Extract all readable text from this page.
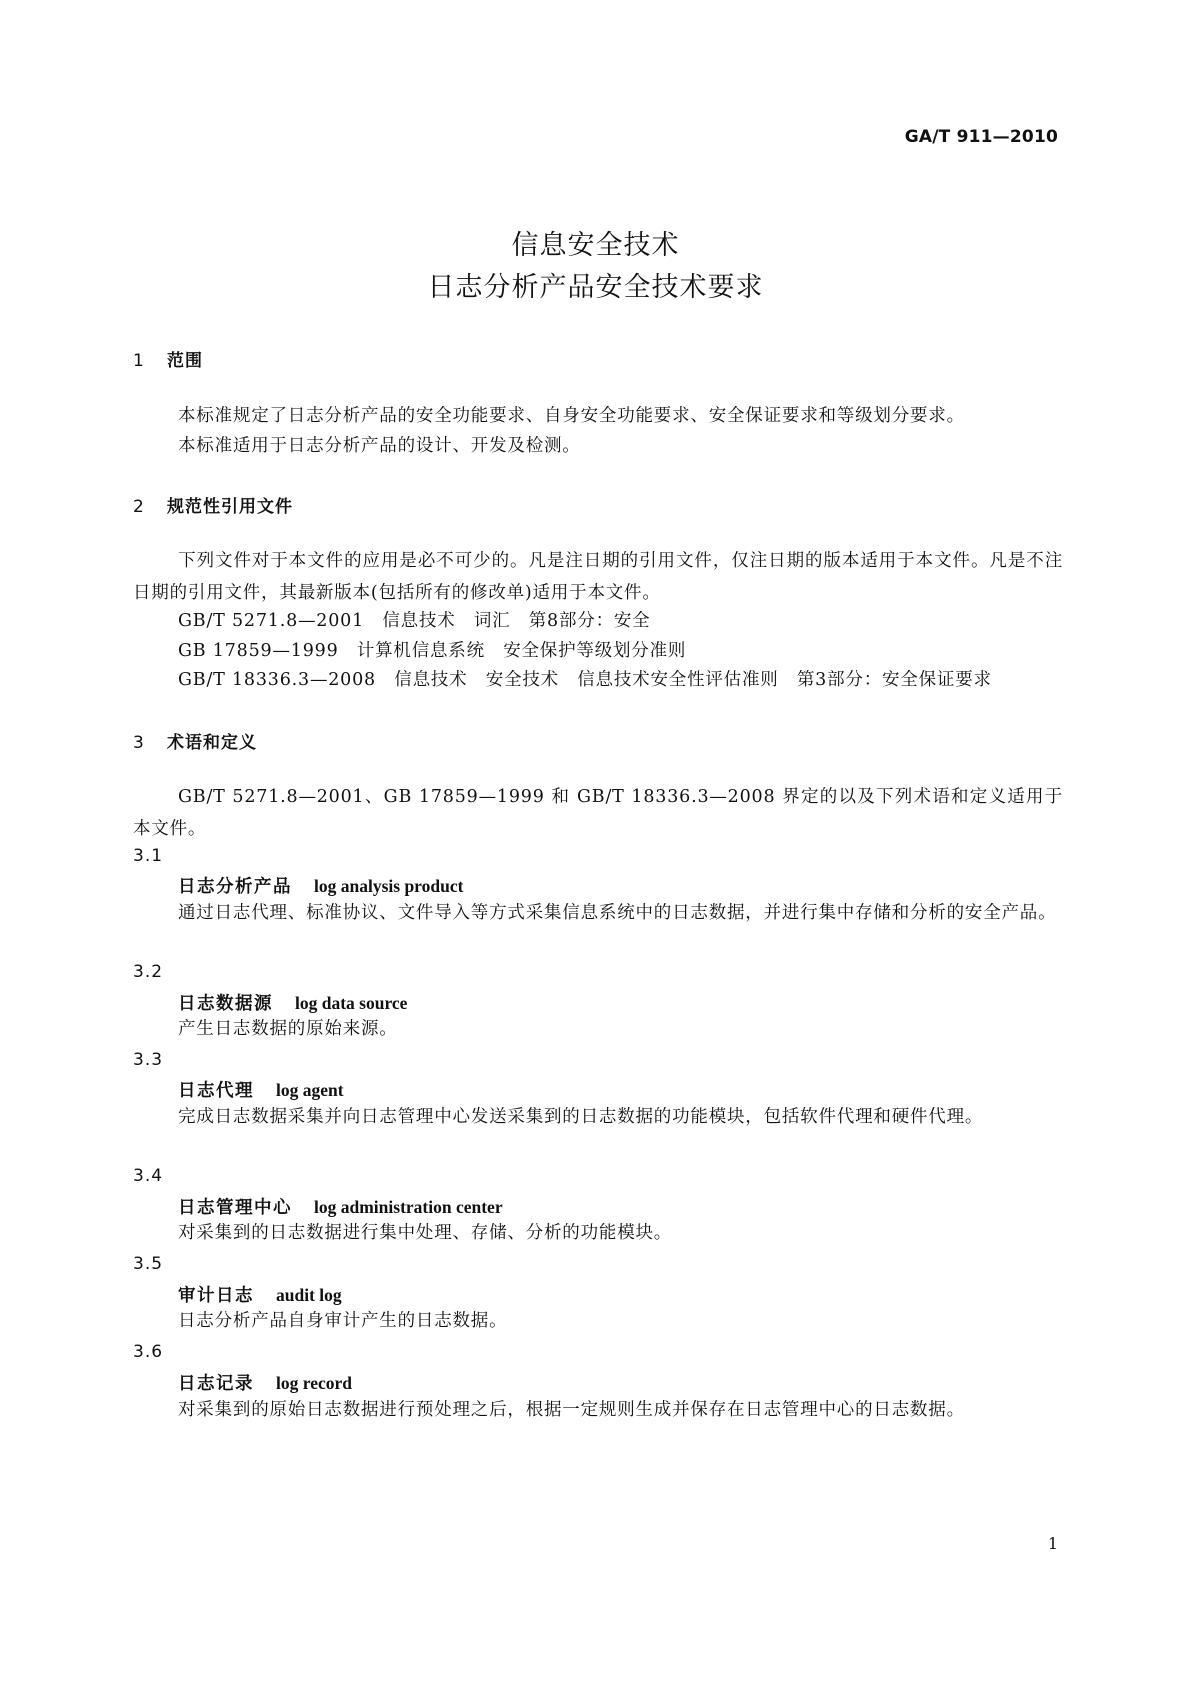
GA/T 911—2010
信息安全技术
日志分析产品安全技术要求
1 范围
本标准规定了日志分析产品的安全功能要求、自身安全功能要求、安全保证要求和等级划分要求。
本标准适用于日志分析产品的设计、开发及检测。
2 规范性引用文件
下列文件对于本文件的应用是必不可少的。凡是注日期的引用文件，仅注日期的版本适用于本文件。凡是不注日期的引用文件，其最新版本(包括所有的修改单)适用于本文件。
GB/T 5271.8—2001　信息技术　词汇　第8部分：安全
GB 17859—1999　计算机信息系统　安全保护等级划分准则
GB/T 18336.3—2008　信息技术　安全技术　信息技术安全性评估准则　第3部分：安全保证要求
3 术语和定义
GB/T 5271.8—2001、GB 17859—1999 和 GB/T 18336.3—2008 界定的以及下列术语和定义适用于本文件。
3.1
日志分析产品 log analysis product
通过日志代理、标准协议、文件导入等方式采集信息系统中的日志数据，并进行集中存储和分析的安全产品。
3.2
日志数据源 log data source
产生日志数据的原始来源。
3.3
日志代理 log agent
完成日志数据采集并向日志管理中心发送采集到的日志数据的功能模块，包括软件代理和硬件代理。
3.4
日志管理中心 log administration center
对采集到的日志数据进行集中处理、存储、分析的功能模块。
3.5
审计日志 audit log
日志分析产品自身审计产生的日志数据。
3.6
日志记录 log record
对采集到的原始日志数据进行预处理之后，根据一定规则生成并保存在日志管理中心的日志数据。
1
